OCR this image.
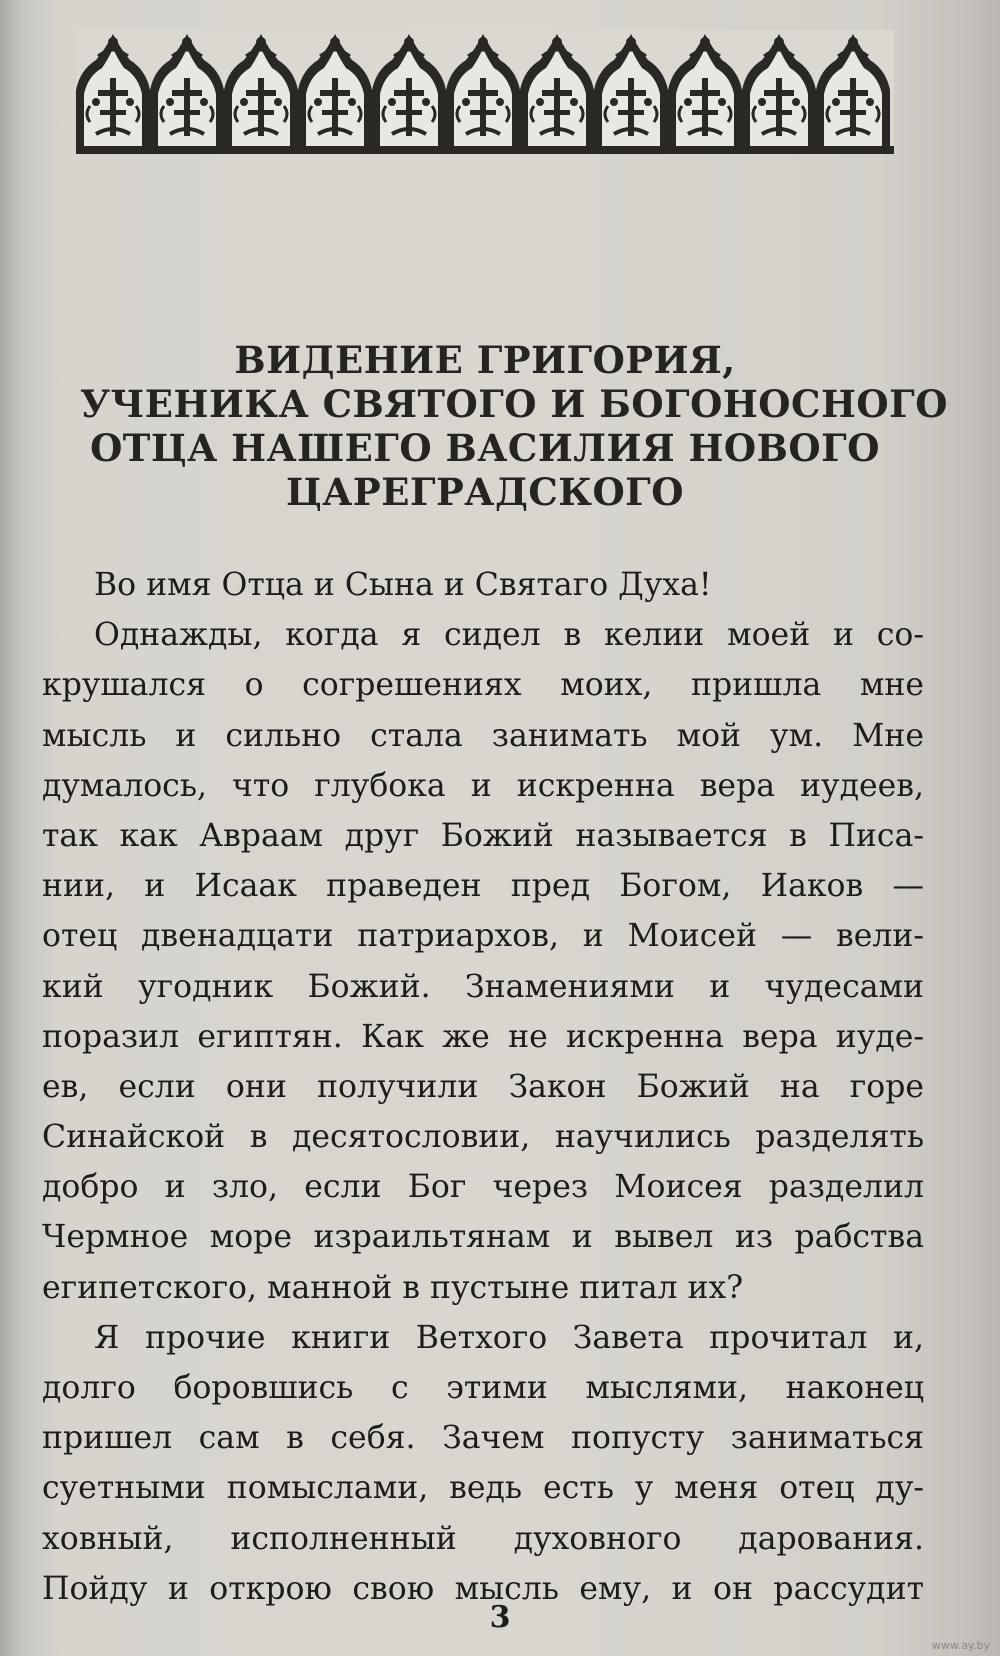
ВИДЕНИЕ ГРИГОРИЯ,
УЧЕНИКА СВЯТОГО И БОГОНОСНОГО
ОТЦА НАШЕГО ВАСИЛИЯ НОВОГО
ЦАРЕГРАДСКОГО
Во имя Отца и Сына и Святаго Духа!
Однажды, когда я сидел в келии моей и со-
крушался о согрешениях моих, пришла мне
мысль и сильно стала занимать мой ум. Мне
думалось, что глубока и искренна вера иудеев,
так как Авраам друг Божий называется в Писа-
нии, и Исаак праведен пред Богом, Иаков —
отец двенадцати патриархов, и Моисей — вели-
кий угодник Божий. Знамениями и чудесами
поразил египтян. Как же не искренна вера иуде-
ев, если они получили Закон Божий на горе
Синайской в десятословии, научились разделять
добро и зло, если Бог через Моисея разделил
Чермное море израильтянам и вывел из рабства
египетского, манной в пустыне питал их?
Я прочие книги Ветхого Завета прочитал и,
долго боровшись с этими мыслями, наконец
пришел сам в себя. Зачем попусту заниматься
суетными помыслами, ведь есть у меня отец ду-
ховный, исполненный духовного дарования.
Пойду и открою свою мысль ему, и он рассудит
3
www.ay.by
